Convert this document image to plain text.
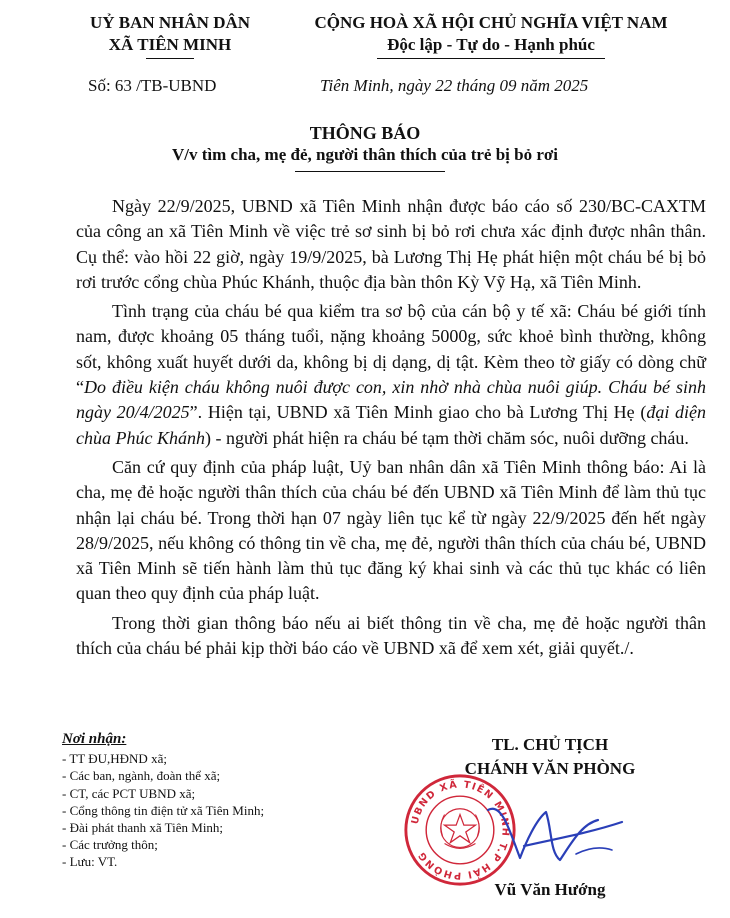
UỶ BAN NHÂN DÂN
XÃ TIÊN MINH
CỘNG HOÀ XÃ HỘI CHỦ NGHĨA VIỆT NAM
Độc lập - Tự do - Hạnh phúc
Số: 63 /TB-UBND	Tiên Minh, ngày 22 tháng 09 năm 2025
THÔNG BÁO
V/v tìm cha, mẹ đẻ, người thân thích của trẻ bị bỏ rơi

Ngày 22/9/2025, UBND xã Tiên Minh nhận được báo cáo số 230/BC-CAXTM của công an xã Tiên Minh về việc trẻ sơ sinh bị bỏ rơi chưa xác định được nhân thân. Cụ thể: vào hồi 22 giờ, ngày 19/9/2025, bà Lương Thị Hẹ phát hiện một cháu bé bị bỏ rơi trước cổng chùa Phúc Khánh, thuộc địa bàn thôn Kỳ Vỹ Hạ, xã Tiên Minh.

Tình trạng của cháu bé qua kiểm tra sơ bộ của cán bộ y tế xã: Cháu bé giới tính nam, được khoảng 05 tháng tuổi, nặng khoảng 5000g, sức khoẻ bình thường, không sốt, không xuất huyết dưới da, không bị dị dạng, dị tật. Kèm theo tờ giấy có dòng chữ “Do điều kiện cháu không nuôi được con, xin nhờ nhà chùa nuôi giúp. Cháu bé sinh ngày 20/4/2025”. Hiện tại, UBND xã Tiên Minh giao cho bà Lương Thị Hẹ (đại diện chùa Phúc Khánh) - người phát hiện ra cháu bé tạm thời chăm sóc, nuôi dưỡng cháu.

Căn cứ quy định của pháp luật, Uỷ ban nhân dân xã Tiên Minh thông báo: Ai là cha, mẹ đẻ hoặc người thân thích của cháu bé đến UBND xã Tiên Minh để làm thủ tục nhận lại cháu bé. Trong thời hạn 07 ngày liên tục kể từ ngày 22/9/2025 đến hết ngày 28/9/2025, nếu không có thông tin về cha, mẹ đẻ, người thân thích của cháu bé, UBND xã Tiên Minh sẽ tiến hành làm thủ tục đăng ký khai sinh và các thủ tục khác có liên quan theo quy định của pháp luật.

Trong thời gian thông báo nếu ai biết thông tin về cha, mẹ đẻ hoặc người thân thích của cháu bé phải kịp thời báo cáo về UBND xã để xem xét, giải quyết./.

Nơi nhận:
- TT ĐU,HĐND xã;
- Các ban, ngành, đoàn thể xã;
- CT, các PCT UBND xã;
- Cổng thông tin điện tử xã Tiên Minh;
- Đài phát thanh xã Tiên Minh;
- Các trưởng thôn;
- Lưu: VT.
TL. CHỦ TỊCH
CHÁNH VĂN PHÒNG
UBND XÃ TIÊN MINH T.P HẢI PHÒNG
Vũ Văn Hướng
